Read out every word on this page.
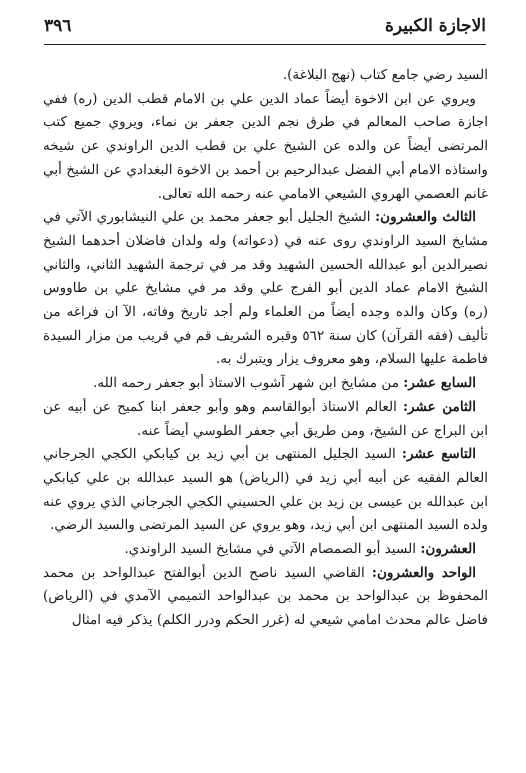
٣٩٦	الاجازة الكبيرة

السيد رضي جامع كتاب (نهج البلاغة).

ويروي عن ابن الاخوة أيضاً عماد الدين علي بن الامام قطب الدين (ره) ففي اجازة صاحب المعالم في طرق نجم الدين جعفر بن نماء، ويروي جميع كتب المرتضى أيضاً عن والده عن الشيخ علي بن قطب الدين الراوندي عن شيخه واستاذه الامام أبي الفضل عبدالرحيم بن أحمد بن الاخوة البغدادي عن الشيخ أبي غانم العصمي الهروي الشيعي الامامي عنه رحمه الله تعالى.

الثالث والعشرون: الشيخ الجليل أبو جعفر محمد بن علي النيشابوري الآتي في مشايخ السيد الراوندي روى عنه في (دعواته) وله ولدان فاضلان أحدهما الشيخ نصيرالدين أبو عبدالله الحسين الشهيد وقد مر في ترجمة الشهيد الثاني، والثاني الشيخ الامام عماد الدين أبو الفرج علي وقد مر في مشايخ علي بن طاووس (ره) وكان والده وجده أيضاً من العلماء ولم أجد تاريخ وفاته، الآ ان فراغه من تأليف (فقه القرآن) كان سنة ٥٦٢ وقبره الشريف قم في قريب من مزار السيدة فاطمة عليها السلام، وهو معروف يزار ويتبرك به.

السابع عشر: من مشايخ ابن شهر آشوب الاستاذ أبو جعفر رحمه الله.

الثامن عشر: العالم الاستاذ أبوالقاسم وهو وأبو جعفر ابنا كميح عن أبيه عن ابن البراج عن الشيخ، ومن طريق أبي جعفر الطوسي أيضاً عنه.

التاسع عشر: السيد الجليل المنتهى بن أبي زيد بن كيابكي الكجي الجرجاني العالم الفقيه عن أبيه أبي زيد في (الرياض) هو السيد عبدالله بن علي كيابكي ابن عبدالله بن عيسى بن زيد بن علي الحسيني الكجي الجرجاني الذي يروي عنه ولده السيد المنتهى ابن أبي زيد، وهو يروي عن السيد المرتضى والسيد الرضي.

العشرون: السيد أبو الصمصام الآتي في مشايخ السيد الراوندي.

الواحد والعشرون: القاضي السيد ناصح الدين أبوالفتح عبدالواحد بن محمد المحفوظ بن عبدالواحد بن محمد بن عبدالواحد التميمي الآمدي في (الرياض) فاضل عالم محدث امامي شيعي له (غرر الحكم ودرر الكلم) يذكر فيه امثال
